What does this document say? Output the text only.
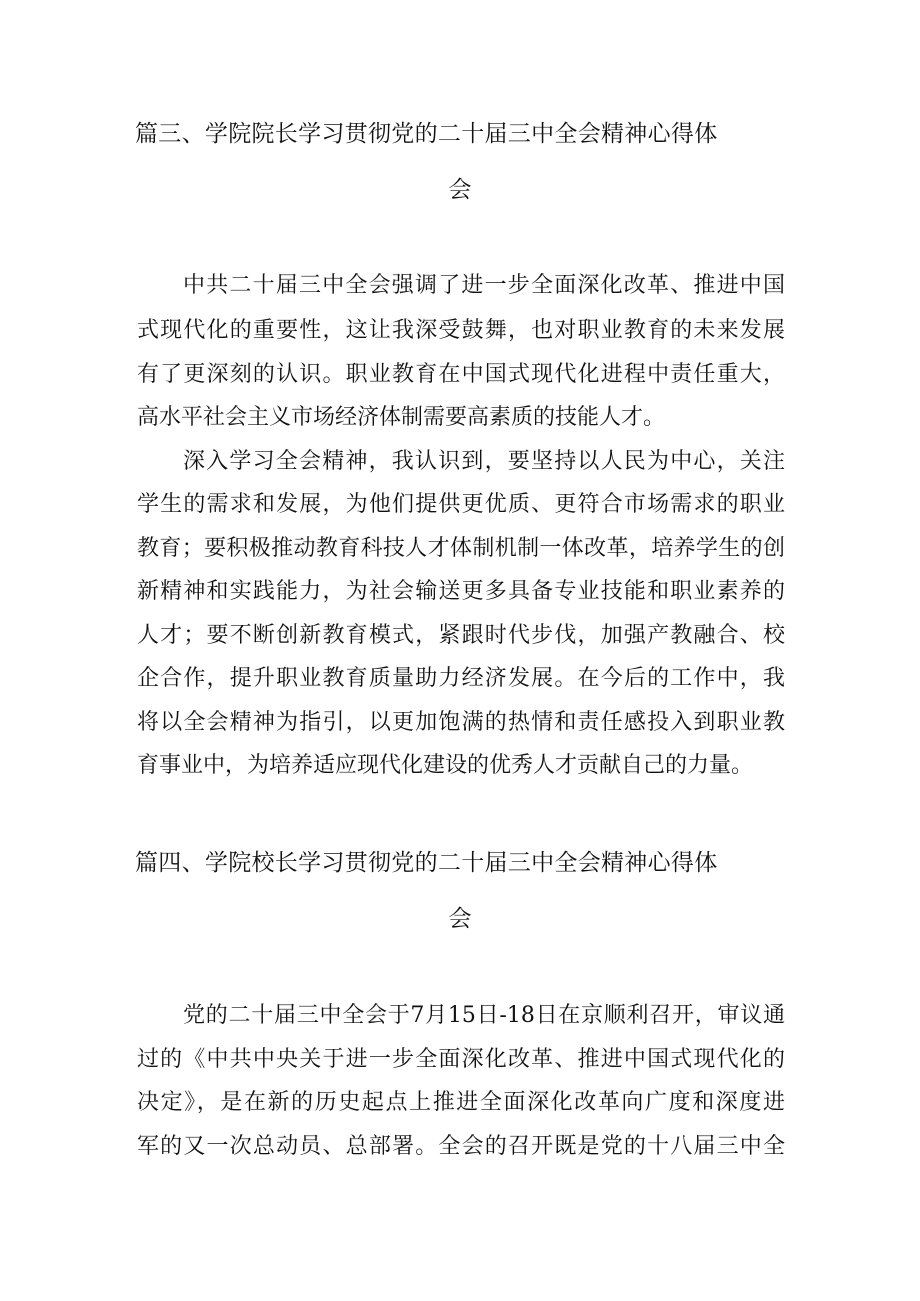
篇三、学院院长学习贯彻党的二十届三中全会精神心得体
会
中共二十届三中全会强调了进一步全面深化改革、推进中国
式现代化的重要性，这让我深受鼓舞，也对职业教育的未来发展
有了更深刻的认识。职业教育在中国式现代化进程中责任重大，
高水平社会主义市场经济体制需要高素质的技能人才。
深入学习全会精神，我认识到，要坚持以人民为中心，关注
学生的需求和发展，为他们提供更优质、更符合市场需求的职业
教育；要积极推动教育科技人才体制机制一体改革，培养学生的创
新精神和实践能力，为社会输送更多具备专业技能和职业素养的
人才；要不断创新教育模式，紧跟时代步伐，加强产教融合、校
企合作，提升职业教育质量助力经济发展。在今后的工作中，我
将以全会精神为指引，以更加饱满的热情和责任感投入到职业教
育事业中，为培养适应现代化建设的优秀人才贡献自己的力量。
篇四、学院校长学习贯彻党的二十届三中全会精神心得体
会
党的二十届三中全会于7月15日-18日在京顺利召开，审议通
过的《中共中央关于进一步全面深化改革、推进中国式现代化的
决定》，是在新的历史起点上推进全面深化改革向广度和深度进
军的又一次总动员、总部署。全会的召开既是党的十八届三中全
